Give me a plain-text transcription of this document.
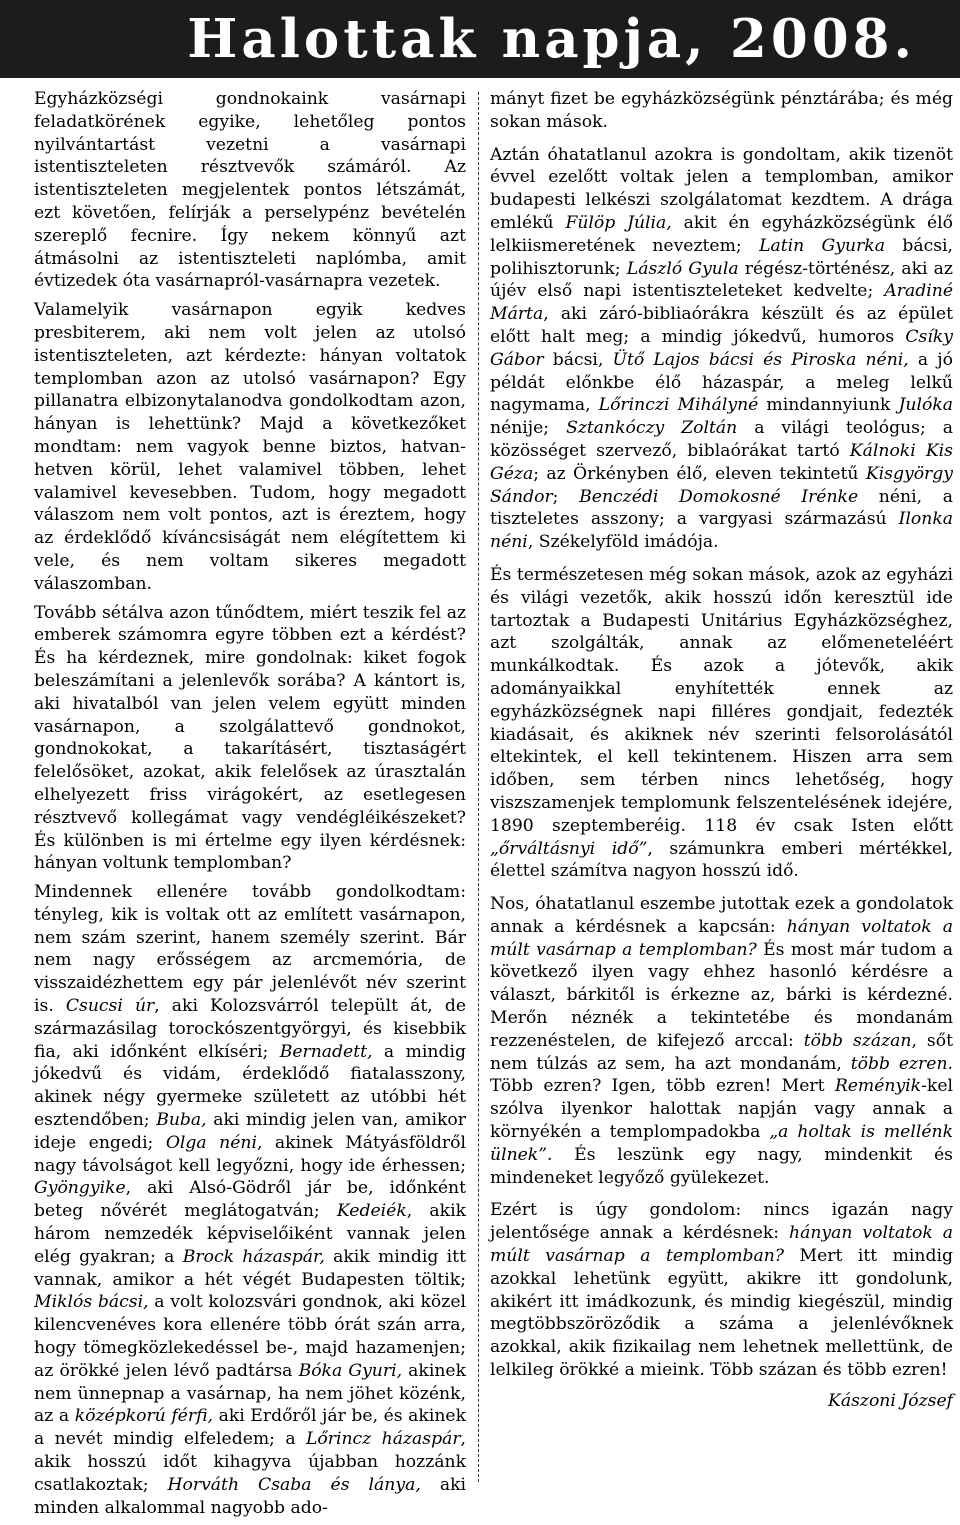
Halottak napja, 2008.

Egyházközségi gondnokaink vasárnapi feladatkörének egyike, lehetőleg pontos nyilvántartást vezetni a vasárnapi istentiszteleten résztvevők számáról. Az istentiszteleten megjelentek pontos létszámát, ezt követően, felírják a perselypénz bevételén szereplő fecnire. Így nekem könnyű azt átmásolni az istentiszteleti naplómba, amit évtizedek óta vasárnapról-vasárnapra vezetek.

Valamelyik vasárnapon egyik kedves presbiterem, aki nem volt jelen az utolsó istentiszteleten, azt kérdezte: hányan voltatok templomban azon az utolsó vasárnapon? Egy pillanatra elbizonytalanodva gondolkodtam azon, hányan is lehettünk? Majd a következőket mondtam: nem vagyok benne biztos, hatvan-hetven körül, lehet valamivel többen, lehet valamivel kevesebben. Tudom, hogy megadott válaszom nem volt pontos, azt is éreztem, hogy az érdeklődő kíváncsiságát nem elégítettem ki vele, és nem voltam sikeres megadott válaszomban.

Tovább sétálva azon tűnődtem, miért teszik fel az emberek számomra egyre többen ezt a kérdést? És ha kérdeznek, mire gondolnak: kiket fogok beleszámítani a jelenlevők sorába? A kántort is, aki hivatalból van jelen velem együtt minden vasárnapon, a szolgálattevő gondnokot, gondnokokat, a takarításért, tisztaságért felelősöket, azokat, akik felelősek az úrasztalán elhelyezett friss virágokért, az esetlegesen résztvevő kollegámat vagy vendégléikészeket? És különben is mi értelme egy ilyen kérdésnek: hányan voltunk templomban?

Mindennek ellenére tovább gondolkodtam: tényleg, kik is voltak ott az említett vasárnapon, nem szám szerint, hanem személy szerint. Bár nem nagy erősségem az arcmemória, de visszaidézhettem egy pár jelenlévőt név szerint is. Csucsi úr, aki Kolozsvárról települt át, de származásilag torockószentgyörgyi, és kisebbik fia, aki időnként elkíséri; Bernadett, a mindig jókedvű és vidám, érdeklődő fiatalasszony, akinek négy gyermeke született az utóbbi hét esztendőben; Buba, aki mindig jelen van, amikor ideje engedi; Olga néni, akinek Mátyásföldről nagy távolságot kell legyőzni, hogy ide érhessen; Gyöngyike, aki Alsó-Gödről jár be, időnként beteg nővérét meglátogatván; Kedeiék, akik három nemzedék képviselőiként vannak jelen elég gyakran; a Brock házaspár, akik mindig itt vannak, amikor a hét végét Budapesten töltik; Miklós bácsi, a volt kolozsvári gondnok, aki közel kilencvenéves kora ellenére több órát szán arra, hogy tömegközlekedéssel be-, majd hazamenjen; az örökké jelen lévő padtársa Bóka Gyuri, akinek nem ünnepnap a vasárnap, ha nem jöhet közénk, az a középkorú férfi, aki Erdőről jár be, és akinek a nevét mindig elfeledem; a Lőrincz házaspár, akik hosszú időt kihagyva újabban hozzánk csatlakoztak; Horváth Csaba és lánya, aki minden alkalommal nagyobb ado-

mányt fizet be egyházközségünk pénztárába; és még sokan mások.

Aztán óhatatlanul azokra is gondoltam, akik tizenöt évvel ezelőtt voltak jelen a templomban, amikor budapesti lelkészi szolgálatomat kezdtem. A drága emlékű Fülöp Júlia, akit én egyházközségünk élő lelkiismeretének neveztem; Latin Gyurka bácsi, polihisztorunk; László Gyula régész-történész, aki az újév első napi istentiszteleteket kedvelte; Aradiné Márta, aki záró-bibliaórákra készült és az épület előtt halt meg; a mindig jókedvű, humoros Csíky Gábor bácsi, Ütő Lajos bácsi és Piroska néni, a jó példát előnkbe élő házaspár, a meleg lelkű nagymama, Lőrinczi Mihályné mindannyiunk Julóka nénije; Sztankóczy Zoltán a világi teológus; a közösséget szervező, biblaórákat tartó Kálnoki Kis Géza; az Örkényben élő, eleven tekintetű Kisgyörgy Sándor; Benczédi Domokosné Irénke néni, a tiszteletes asszony; a vargyasi származású Ilonka néni, Székelyföld imádója.

És természetesen még sokan mások, azok az egyházi és világi vezetők, akik hosszú időn keresztül ide tartoztak a Budapesti Unitárius Egyházközséghez, azt szolgálták, annak az előmeneteléért munkálkodtak. És azok a jótevők, akik adományaikkal enyhítették ennek az egyházközségnek napi filléres gondjait, fedezték kiadásait, és akiknek név szerinti felsorolásától eltekintek, el kell tekintenem. Hiszen arra sem időben, sem térben nincs lehetőség, hogy viszszamenjek templomunk felszentelésének idejére, 1890 szeptemberéig. 118 év csak Isten előtt „őrváltásnyi idő”, számunkra emberi mértékkel, élettel számítva nagyon hosszú idő.

Nos, óhatatlanul eszembe jutottak ezek a gondolatok annak a kérdésnek a kapcsán: hányan voltatok a múlt vasárnap a templomban? És most már tudom a következő ilyen vagy ehhez hasonló kérdésre a választ, bárkitől is érkezne az, bárki is kérdezné. Merőn néznék a tekintetébe és mondanám rezzenéstelen, de kifejező arccal: több százan, sőt nem túlzás az sem, ha azt mondanám, több ezren. Több ezren? Igen, több ezren! Mert Reményik-kel szólva ilyenkor halottak napján vagy annak a környékén a templompadokba „a holtak is mellénk ülnek”. És leszünk egy nagy, mindenkit és mindeneket legyőző gyülekezet.

Ezért is úgy gondolom: nincs igazán nagy jelentősége annak a kérdésnek: hányan voltatok a múlt vasárnap a templomban? Mert itt mindig azokkal lehetünk együtt, akikre itt gondolunk, akikért itt imádkozunk, és mindig kiegészül, mindig megtöbbszöröződik a száma a jelenlévőknek azokkal, akik fizikailag nem lehetnek mellettünk, de lelkileg örökké a mieink. Több százan és több ezren!

Kászoni József
